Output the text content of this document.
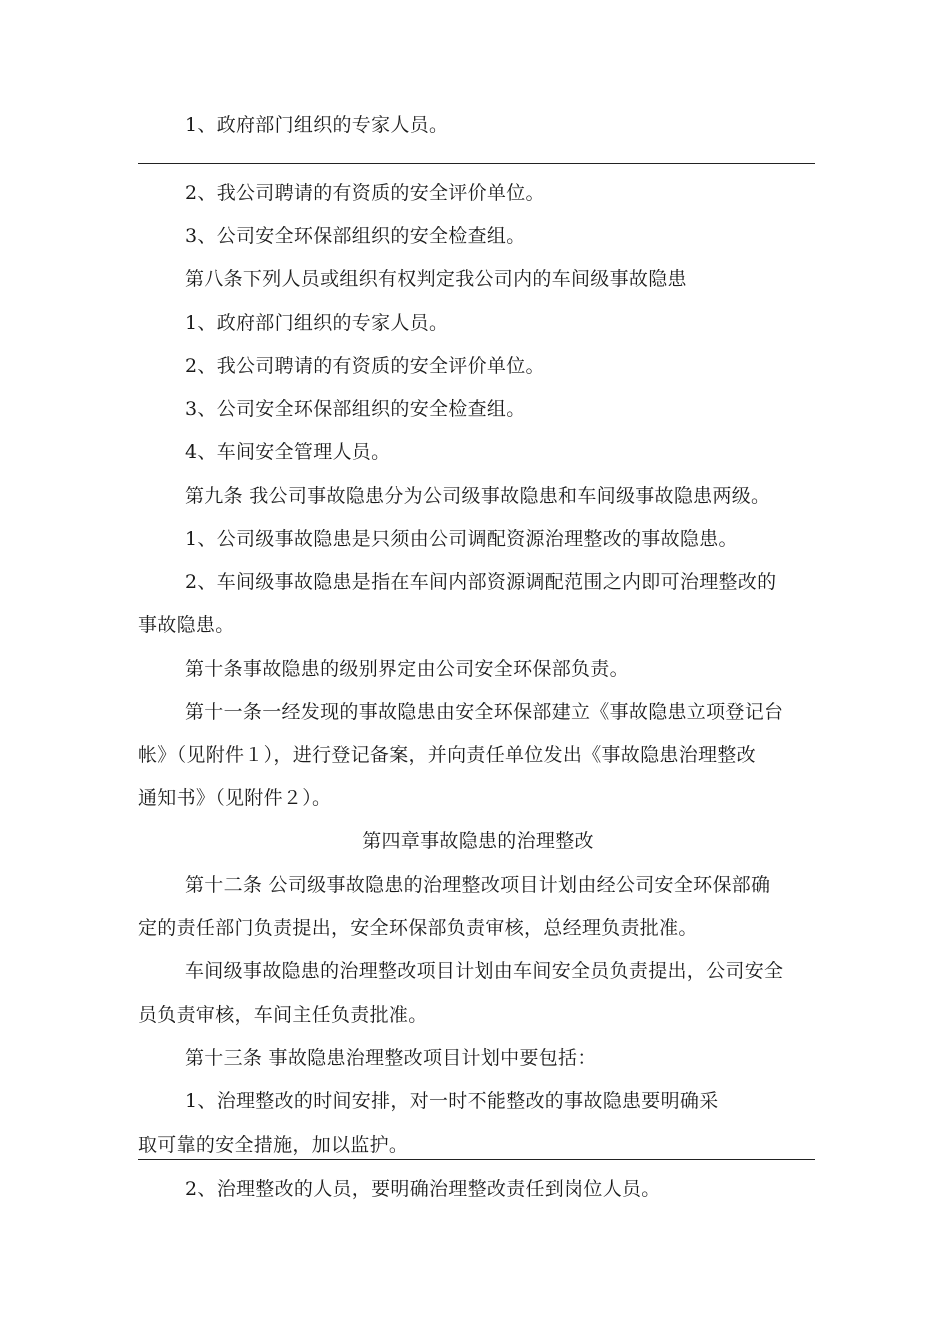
1、政府部门组织的专家人员。
2、我公司聘请的有资质的安全评价单位。
3、公司安全环保部组织的安全检查组。
第八条下列人员或组织有权判定我公司内的车间级事故隐患
1、政府部门组织的专家人员。
2、我公司聘请的有资质的安全评价单位。
3、公司安全环保部组织的安全检查组。
4、车间安全管理人员。
第九条 我公司事故隐患分为公司级事故隐患和车间级事故隐患两级。
1、公司级事故隐患是只须由公司调配资源治理整改的事故隐患。
2、车间级事故隐患是指在车间内部资源调配范围之内即可治理整改的
事故隐患。
第十条事故隐患的级别界定由公司安全环保部负责。
第十一条一经发现的事故隐患由安全环保部建立《事故隐患立项登记台
帐》（见附件１），进行登记备案，并向责任单位发出《事故隐患治理整改
通知书》（见附件２）。
第四章事故隐患的治理整改
第十二条 公司级事故隐患的治理整改项目计划由经公司安全环保部确
定的责任部门负责提出，安全环保部负责审核，总经理负责批准。
车间级事故隐患的治理整改项目计划由车间安全员负责提出，公司安全
员负责审核，车间主任负责批准。
第十三条 事故隐患治理整改项目计划中要包括：
1、治理整改的时间安排，对一时不能整改的事故隐患要明确采
取可靠的安全措施，加以监护。
2、治理整改的人员，要明确治理整改责任到岗位人员。
